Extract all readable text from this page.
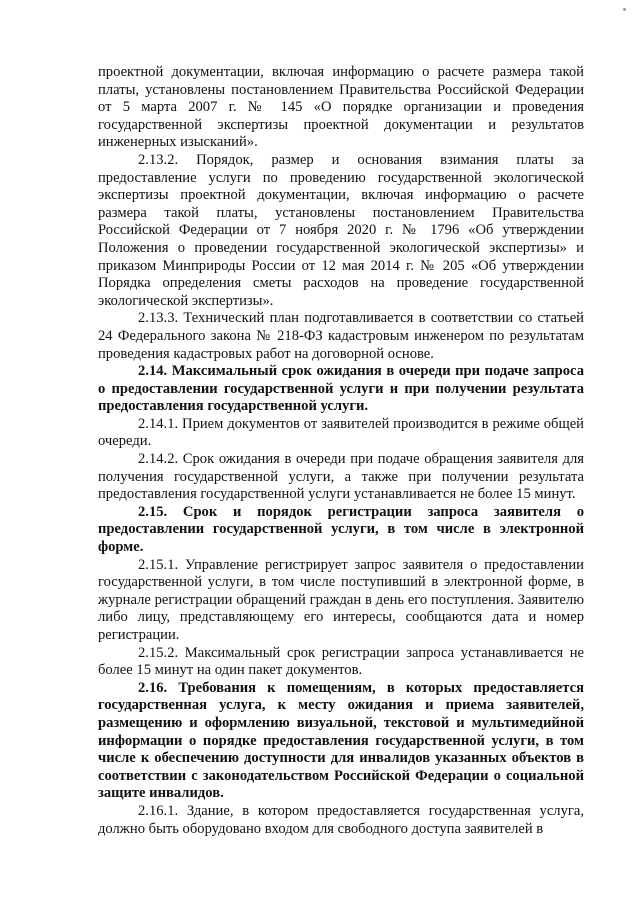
проектной документации, включая информацию о расчете размера такой платы, установлены постановлением Правительства Российской Федерации от 5 марта 2007 г. № 145 «О порядке организации и проведения государственной экспертизы проектной документации и результатов инженерных изысканий».

2.13.2. Порядок, размер и основания взимания платы за предоставление услуги по проведению государственной экологической экспертизы проектной документации, включая информацию о расчете размера такой платы, установлены постановлением Правительства Российской Федерации от 7 ноября 2020 г. № 1796 «Об утверждении Положения о проведении государственной экологической экспертизы» и приказом Минприроды России от 12 мая 2014 г. № 205 «Об утверждении Порядка определения сметы расходов на проведение государственной экологической экспертизы».

2.13.3. Технический план подготавливается в соответствии со статьей 24 Федерального закона № 218-ФЗ кадастровым инженером по результатам проведения кадастровых работ на договорной основе.

2.14. Максимальный срок ожидания в очереди при подаче запроса о предоставлении государственной услуги и при получении результата предоставления государственной услуги.

2.14.1. Прием документов от заявителей производится в режиме общей очереди.

2.14.2. Срок ожидания в очереди при подаче обращения заявителя для получения государственной услуги, а также при получении результата предоставления государственной услуги устанавливается не более 15 минут.

2.15. Срок и порядок регистрации запроса заявителя о предоставлении государственной услуги, в том числе в электронной форме.

2.15.1. Управление регистрирует запрос заявителя о предоставлении государственной услуги, в том числе поступивший в электронной форме, в журнале регистрации обращений граждан в день его поступления. Заявителю либо лицу, представляющему его интересы, сообщаются дата и номер регистрации.

2.15.2. Максимальный срок регистрации запроса устанавливается не более 15 минут на один пакет документов.

2.16. Требования к помещениям, в которых предоставляется государственная услуга, к месту ожидания и приема заявителей, размещению и оформлению визуальной, текстовой и мультимедийной информации о порядке предоставления государственной услуги, в том числе к обеспечению доступности для инвалидов указанных объектов в соответствии с законодательством Российской Федерации о социальной защите инвалидов.

2.16.1. Здание, в котором предоставляется государственная услуга, должно быть оборудовано входом для свободного доступа заявителей в
